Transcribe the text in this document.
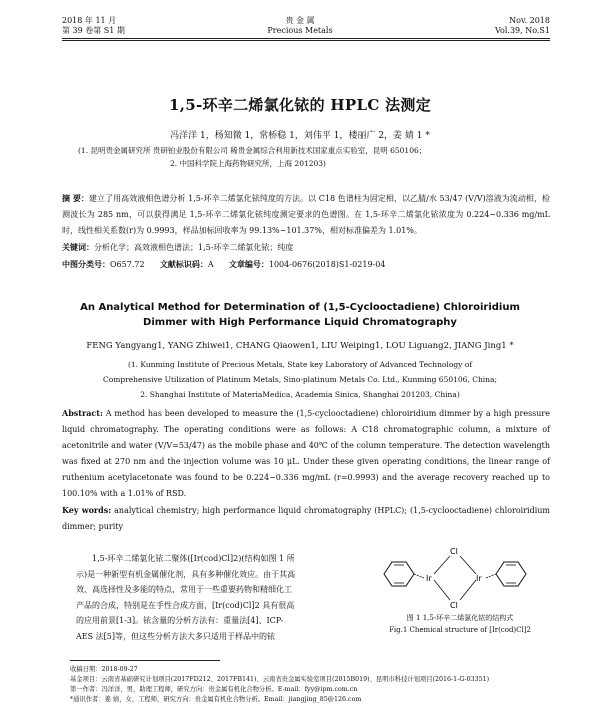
2018 年 11 月
第 39 卷第 S1 期
贵 金 属
Precious Metals
Nov. 2018
Vol.39, No.S1
1,5-环辛二烯氯化铱的 HPLC 法测定
冯洋洋 1，杨知微 1，常桥稳 1，刘伟平 1，楼丽广 2，姜 婧 1 *
(1. 昆明贵金属研究所 贵研铂业股份有限公司 稀贵金属综合利用新技术国家重点实验室，昆明 650106；
2. 中国科学院上海药物研究所，上海 201203)
摘 要：建立了用高效液相色谱分析 1,5-环辛二烯氯化铱纯度的方法。以 C18 色谱柱为固定相，以乙腈/水 53/47 (V/V)溶液为流动相，检测波长为 285 nm，可以获得满足 1,5-环辛二烯氯化铱纯度测定要求的色谱图。在 1,5-环辛二烯氯化铱浓度为 0.224~0.336 mg/mL 时，线性相关系数(r)为 0.9993，样品加标回收率为 99.13%~101.37%，相对标准偏差为 1.01%。
关键词：分析化学；高效液相色谱法；1,5-环辛二烯氯化铱；纯度
中图分类号：O657.72 文献标识码：A 文章编号：1004-0676(2018)S1-0219-04
An Analytical Method for Determination of (1,5-Cyclooctadiene) Chloroiridium
Dimmer with High Performance Liquid Chromatography
FENG Yangyang1, YANG Zhiwei1, CHANG Qiaowen1, LIU Weiping1, LOU Liguang2, JIANG Jing1 *
(1. Kunming Institute of Precious Metals, State key Laboratory of Advanced Technology of
Comprehensive Utilization of Platinum Metals, Sino-platinum Metals Co. Ltd., Kunming 650106, China;
2. Shanghai Institute of MateriaMedica, Academia Sinica, Shanghai 201203, China)
Abstract: A method has been developed to measure the (1,5-cyclooctadiene) chloroiridium dimmer by a high pressure liquid chromatography. The operating conditions were as follows: A C18 chromatographic column, a mixture of acetonitrile and water (V/V=53/47) as the mobile phase and 40℃ of the column temperature. The detection wavelength was fixed at 270 nm and the injection volume was 10 μL. Under these given operating conditions, the linear range of ruthenium acetylacetonate was found to be 0.224~0.336 mg/mL (r=0.9993) and the average recovery reached up to 100.10% with a 1.01% of RSD.
Key words: analytical chemistry; high performance liquid chromatography (HPLC); (1,5-cyclooctadiene) chloroiridium dimmer; purity
1,5-环辛二烯氯化铱二聚体([Ir(cod)Cl]2)(结构如图 1 所示)是一种新型有机金属催化剂，具有多种催化效应。由于其高效、高选择性及多能的特点，常用于一些重要药物和精细化工产品的合成，特别是在手性合成方面，[Ir(cod)Cl]2 具有很高的应用前景[1-3]。铱含量的分析方法有：重量法[4]、ICP-AES 法[5]等，但这些分析方法大多只适用于样品中的铱
Ir
Cl
Cl
Ir
图 1 1,5-环辛二烯氯化铱的结构式
Fig.1 Chemical structure of [Ir(cod)Cl]2
收稿日期：2018-09-27
基金项目：云南省基础研究计划项目(2017FD212、2017FB141)、云南省贵金属实验室项目(2015B019)、昆明市科技计划项目(2016-1-G-03351)
第一作者：冯洋洋，男，助理工程师，研究方向：贵金属有机化合物分析。E-mail：fyy@ipm.com.cn
*通讯作者：姜 婧，女，工程师，研究方向：贵金属有机化合物分析。Email：jiangjing_85@126.com
